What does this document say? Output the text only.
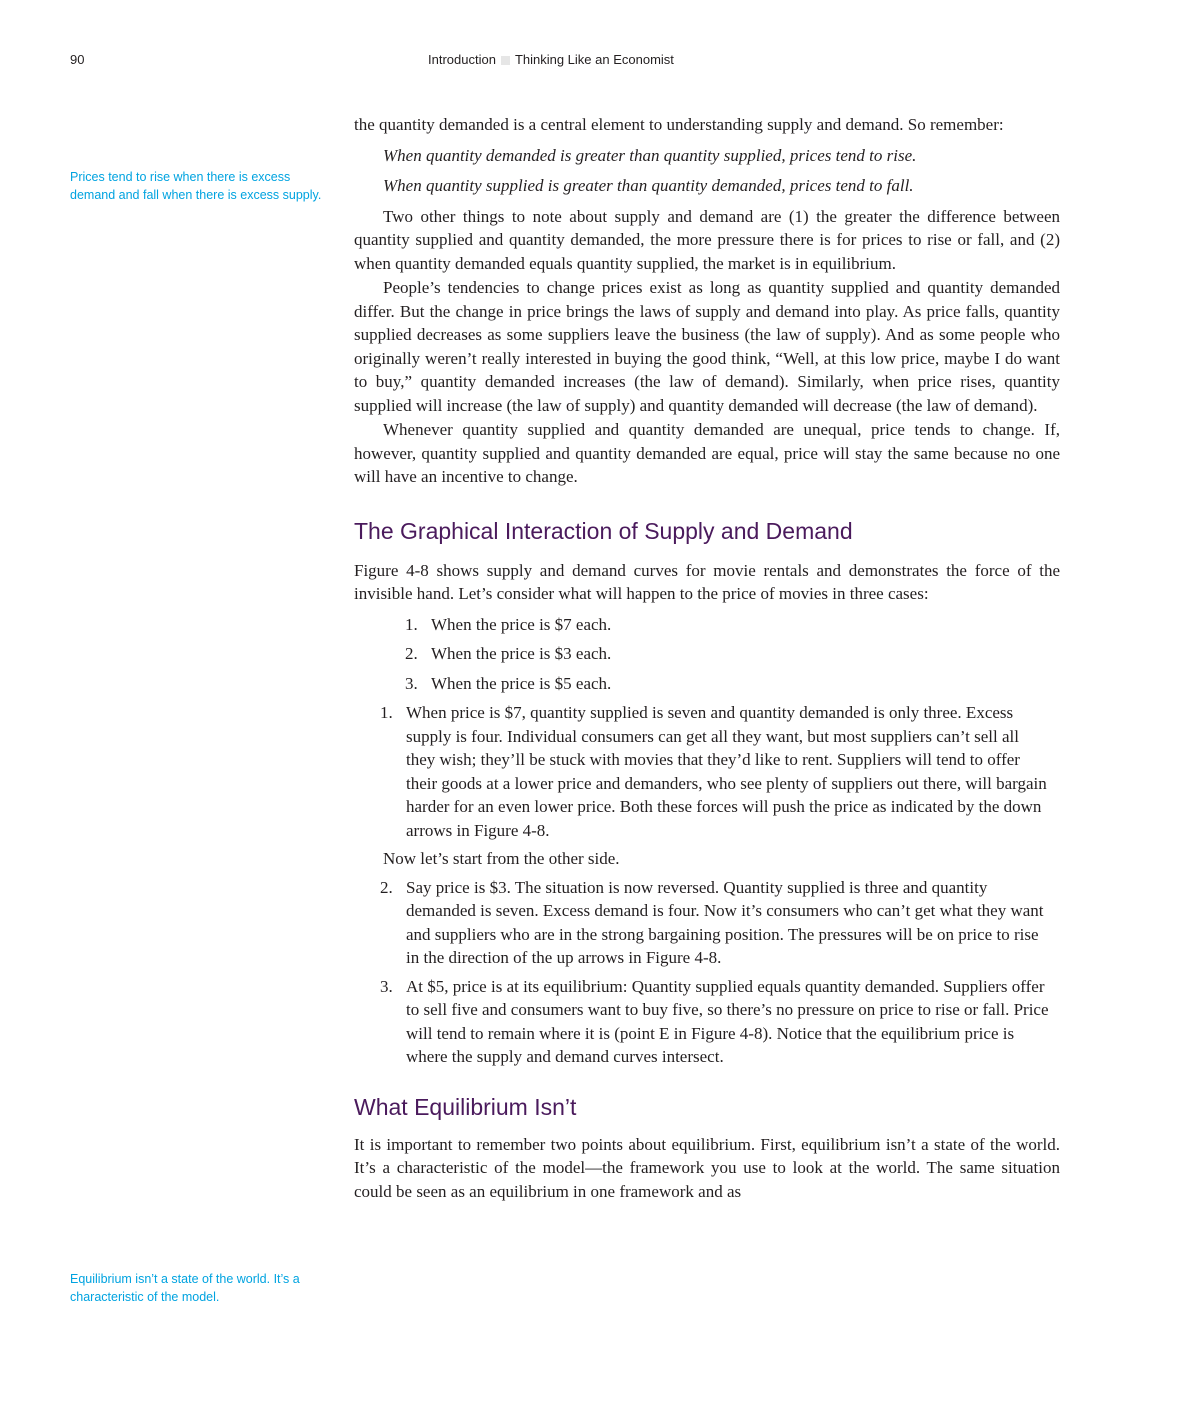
90	Introduction Thinking Like an Economist
Prices tend to rise when there is excess demand and fall when there is excess supply.
Equilibrium isn’t a state of the world. It’s a characteristic of the model.

the quantity demanded is a central element to understanding supply and demand. So remember:

When quantity demanded is greater than quantity supplied, prices tend to rise.

When quantity supplied is greater than quantity demanded, prices tend to fall.

Two other things to note about supply and demand are (1) the greater the difference between quantity supplied and quantity demanded, the more pressure there is for prices to rise or fall, and (2) when quantity demanded equals quantity supplied, the market is in equilibrium.

People’s tendencies to change prices exist as long as quantity supplied and quantity demanded differ. But the change in price brings the laws of supply and demand into play. As price falls, quantity supplied decreases as some suppliers leave the business (the law of supply). And as some people who originally weren’t really interested in buying the good think, “Well, at this low price, maybe I do want to buy,” quantity demanded increases (the law of demand). Similarly, when price rises, quantity supplied will increase (the law of supply) and quantity demanded will decrease (the law of demand).

Whenever quantity supplied and quantity demanded are unequal, price tends to change. If, however, quantity supplied and quantity demanded are equal, price will stay the same because no one will have an incentive to change.

The Graphical Interaction of Supply and Demand

Figure 4-8 shows supply and demand curves for movie rentals and demonstrates the force of the invisible hand. Let’s consider what will happen to the price of movies in three cases:

1. When the price is $7 each.
2. When the price is $3 each.
3. When the price is $5 each.
1. When price is $7, quantity supplied is seven and quantity demanded is only three. Excess supply is four. Individual consumers can get all they want, but most suppliers can’t sell all they wish; they’ll be stuck with movies that they’d like to rent. Suppliers will tend to offer their goods at a lower price and demanders, who see plenty of suppliers out there, will bargain harder for an even lower price. Both these forces will push the price as indicated by the down arrows in Figure 4-8.

Now let’s start from the other side.

2. Say price is $3. The situation is now reversed. Quantity supplied is three and quantity demanded is seven. Excess demand is four. Now it’s consumers who can’t get what they want and suppliers who are in the strong bargaining position. The pressures will be on price to rise in the direction of the up arrows in Figure 4-8.
3. At $5, price is at its equilibrium: Quantity supplied equals quantity demanded. Suppliers offer to sell five and consumers want to buy five, so there’s no pressure on price to rise or fall. Price will tend to remain where it is (point E in Figure 4-8). Notice that the equilibrium price is where the supply and demand curves intersect.
What Equilibrium Isn’t

It is important to remember two points about equilibrium. First, equilibrium isn’t a state of the world. It’s a characteristic of the model—the framework you use to look at the world. The same situation could be seen as an equilibrium in one framework and as
